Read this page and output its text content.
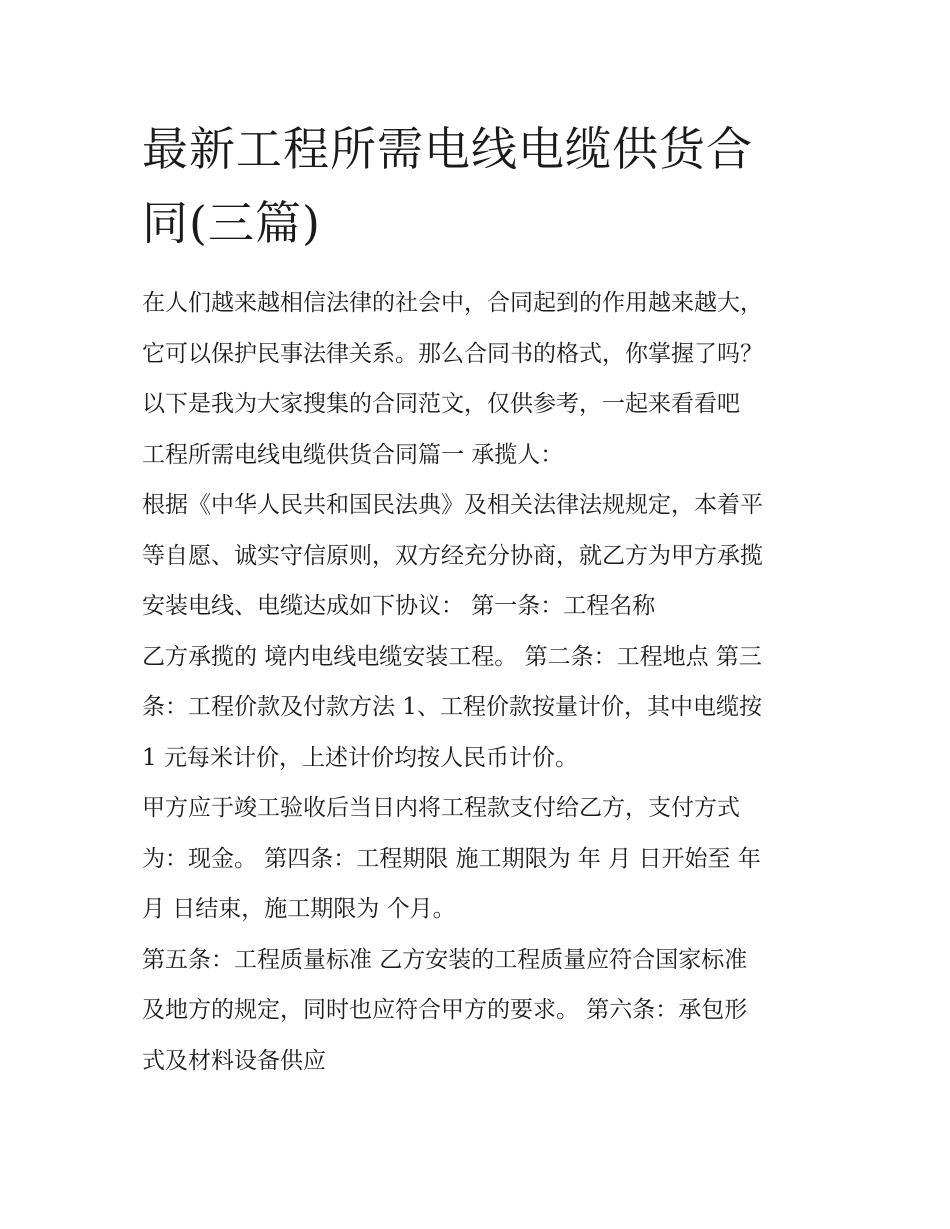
最新工程所需电线电缆供货合
同(三篇)

在人们越来越相信法律的社会中，合同起到的作用越来越大，
它可以保护民事法律关系。那么合同书的格式，你掌握了吗？
以下是我为大家搜集的合同范文，仅供参考，一起来看看吧

工程所需电线电缆供货合同篇一 承揽人：

根据《中华人民共和国民法典》及相关法律法规规定，本着平
等自愿、诚实守信原则，双方经充分协商，就乙方为甲方承揽
安装电线、电缆达成如下协议： 第一条：工程名称

乙方承揽的 境内电线电缆安装工程。 第二条：工程地点 第三
条：工程价款及付款方法 1、工程价款按量计价，其中电缆按
1 元每米计价，上述计价均按人民币计价。

甲方应于竣工验收后当日内将工程款支付给乙方，支付方式
为：现金。 第四条：工程期限 施工期限为 年 月 日开始至 年
月 日结束，施工期限为 个月。

第五条：工程质量标准 乙方安装的工程质量应符合国家标准
及地方的规定，同时也应符合甲方的要求。 第六条：承包形
式及材料设备供应
